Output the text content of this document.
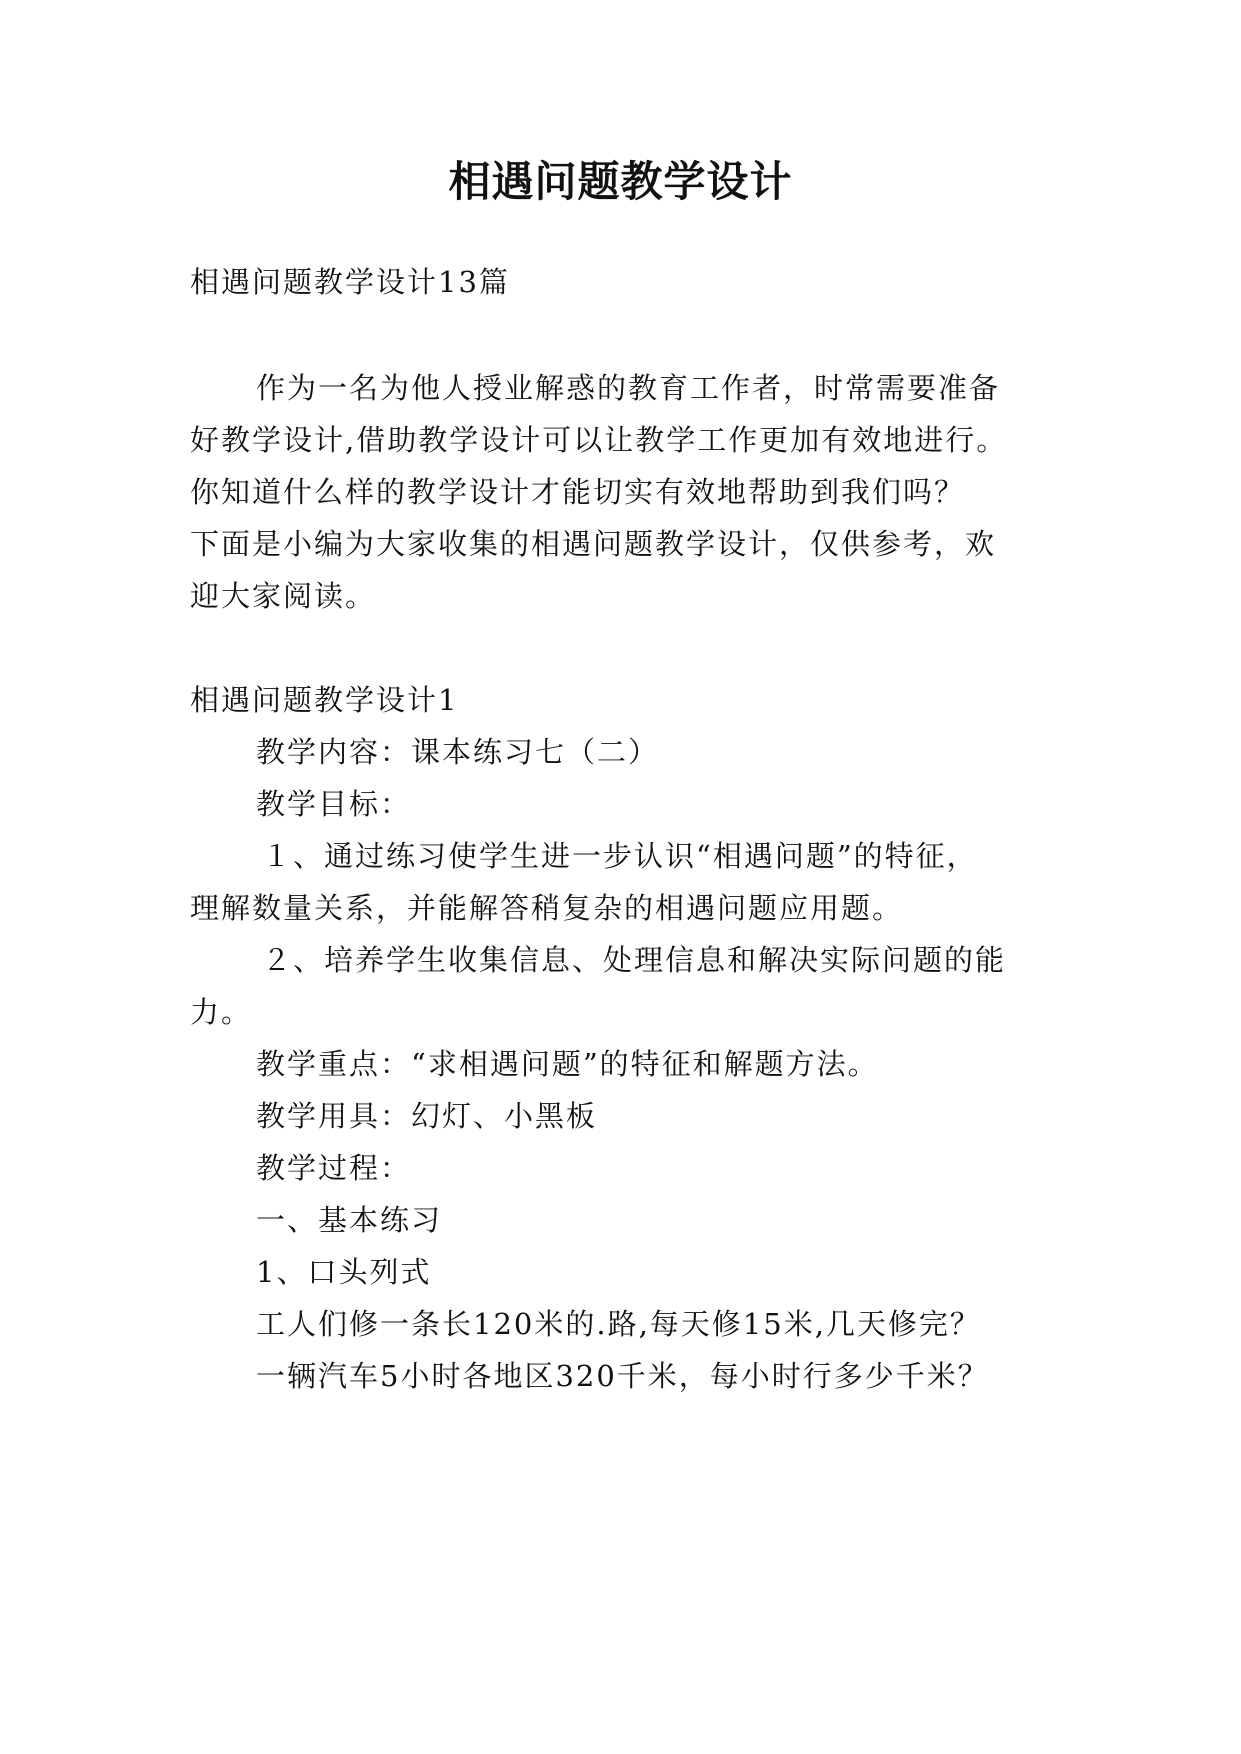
相遇问题教学设计
相遇问题教学设计13篇
作为一名为他人授业解惑的教育工作者，时常需要准备
好教学设计,借助教学设计可以让教学工作更加有效地进行。
你知道什么样的教学设计才能切实有效地帮助到我们吗？
下面是小编为大家收集的相遇问题教学设计，仅供参考，欢
迎大家阅读。
相遇问题教学设计1
教学内容：课本练习七（二）
教学目标：
１、通过练习使学生进一步认识“相遇问题”的特征，
理解数量关系，并能解答稍复杂的相遇问题应用题。
２、培养学生收集信息、处理信息和解决实际问题的能
力。
教学重点：“求相遇问题”的特征和解题方法。
教学用具：幻灯、小黑板
教学过程：
一、基本练习
1、口头列式
工人们修一条长120米的.路,每天修15米,几天修完？
一辆汽车5小时各地区320千米，每小时行多少千米？
